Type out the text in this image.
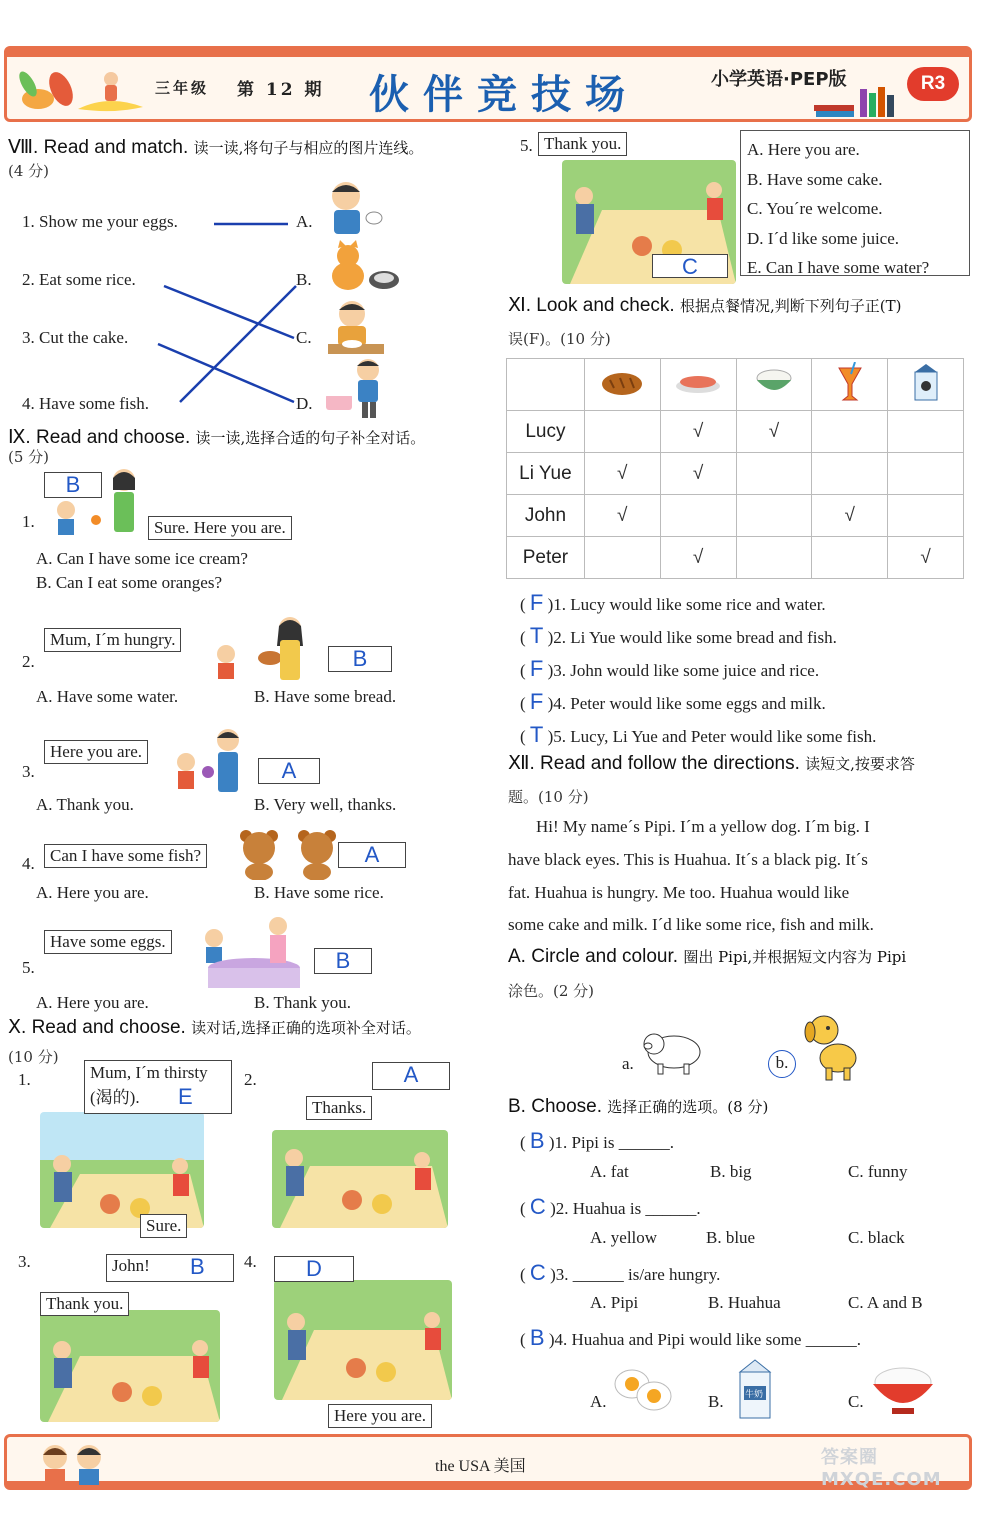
三年级 第 12 期 伙伴竞技场	小学英语·PEP版	R3
Ⅷ. Read and match. 读一读,将句子与相应的图片连线。
(4 分)
1. Show me your eggs.
2. Eat some rice.
3. Cut the cake.
4. Have some fish.
A.
B.
C.
D.
Ⅸ. Read and choose. 读一读,选择合适的句子补全对话。
(5 分)
1.
B
Sure. Here you are.
A. Can I have some ice cream?
B. Can I eat some oranges?
2.
Mum, I´m hungry.
B
A. Have some water.	B. Have some bread.
3.
Here you are.
A
A. Thank you.	B. Very well, thanks.
4. Can I have some fish?	A
A. Here you are.	B. Have some rice.
5.
Have some eggs.
B
A. Here you are.	B. Thank you.
Ⅹ. Read and choose. 读对话,选择正确的选项补全对话。
(10 分)
Mum, I´m thirsty
(渴的).	E
1.
Sure.
2.	A
Thanks.
3.	John!	B
Thank you.
4.	D
Here you are.
5. Thank you.
C
A. Here you are.
B. Have some cake.
C. You´re welcome.
D. I´d like some juice.
E. Can I have some water?
Ⅺ. Look and check. 根据点餐情况,判断下列句子正(T)
误(F)。(10 分)

Lucy		√	√		
Li Yue	√	√			
John	√			√	
Peter		√			√
( F )1. Lucy would like some rice and water.
( T )2. Li Yue would like some bread and fish.
( F )3. John would like some juice and rice.
( F )4. Peter would like some eggs and milk.
( T )5. Lucy, Li Yue and Peter would like some fish.
Ⅻ. Read and follow the directions. 读短文,按要求答
题。(10 分)
Hi! My name´s Pipi. I´m a yellow dog. I´m big. I
have black eyes. This is Huahua. It´s a black pig. It´s
fat. Huahua is hungry. Me too. Huahua would like
some cake and milk. I´d like some rice, fish and milk.
A. Circle and colour. 圈出 Pipi,并根据短文内容为 Pipi
涂色。(2 分)
a.	b.
B. Choose. 选择正确的选项。(8 分)
( B )1. Pipi is ______.
A. fat	B. big	C. funny
( C )2. Huahua is ______.
A. yellow	B. blue	C. black
( C )3. ______ is/are hungry.
A. Pipi	B. Huahua	C. A and B
( B )4. Huahua and Pipi would like some ______.
A.	B. 牛奶	C.
the USA 美国	答案圈 MXQE.COM
